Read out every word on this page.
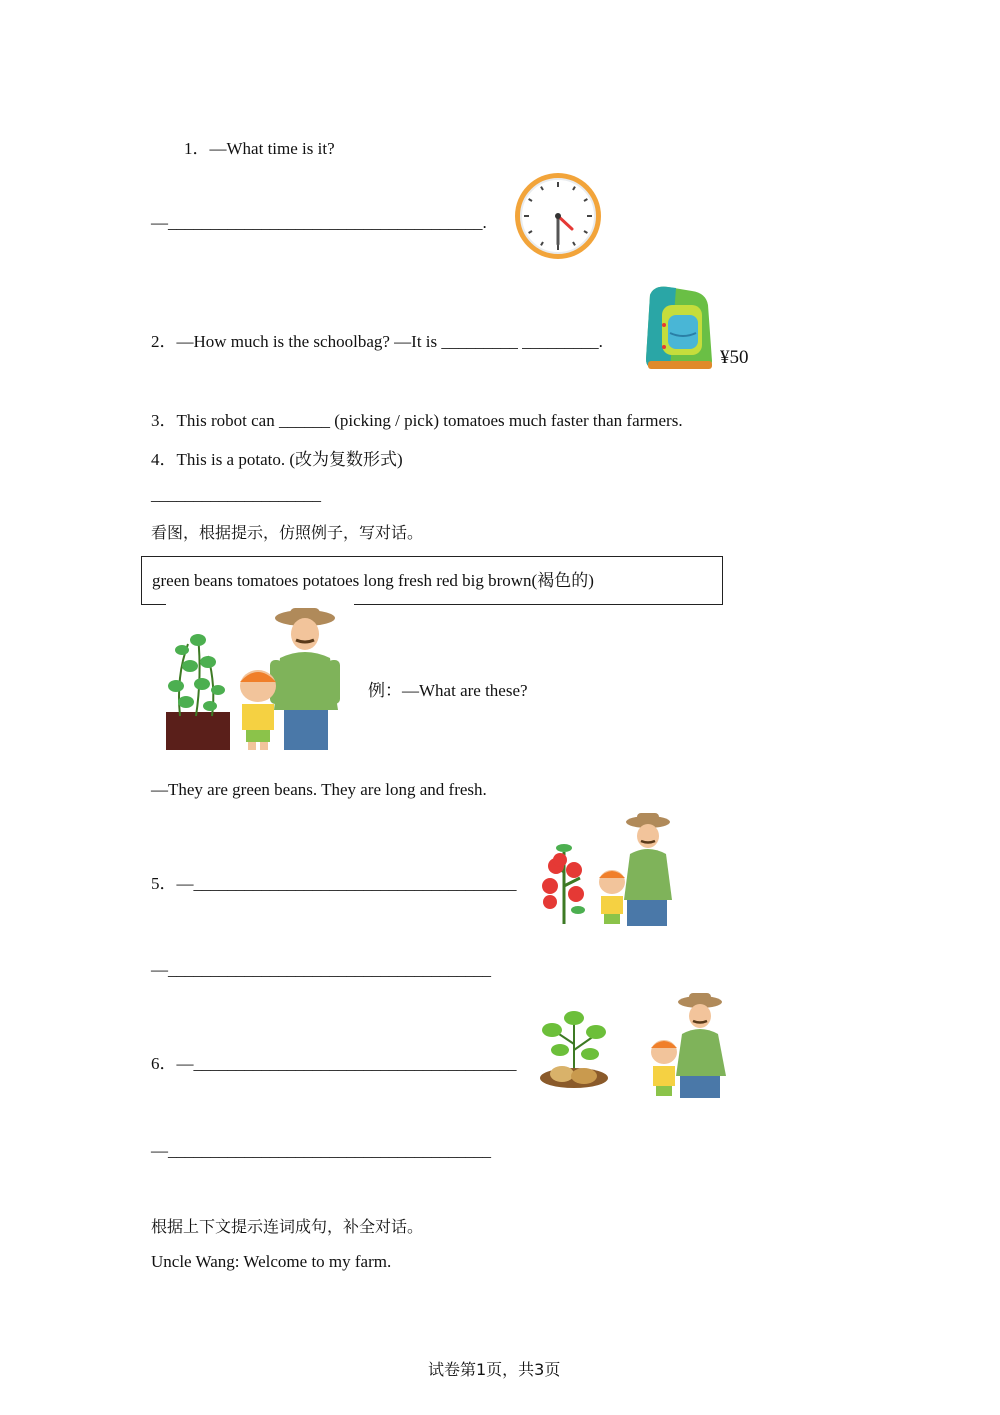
1．—What time is it?
—_____________________________________.
2．—How much is the schoolbag? —It is _________ _________.
¥50
3．This robot can ______ (picking / pick) tomatoes much faster than farmers.
4．This is a potato. (改为复数形式)
____________________
看图，根据提示，仿照例子，写对话。
green beans tomatoes potatoes long fresh red big brown(褐色的)
例：—What are these?
—They are green beans. They are long and fresh.
5．—______________________________________
—______________________________________
6．—______________________________________
—______________________________________
根据上下文提示连词成句，补全对话。
Uncle Wang: Welcome to my farm.
试卷第1页，共3页
